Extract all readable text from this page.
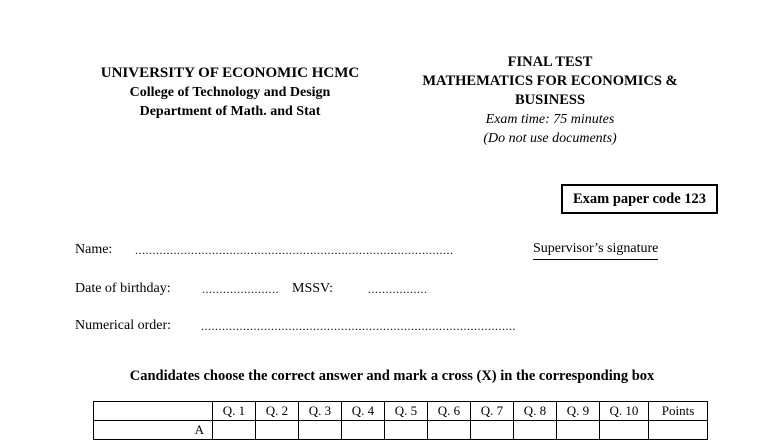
UNIVERSITY OF ECONOMIC HCMC
College of Technology and Design
Department of Math. and Stat
FINAL TEST
MATHEMATICS FOR ECONOMICS &
BUSINESS
Exam time: 75 minutes
(Do not use documents)
Exam paper code 123
Name: ...........................................................................................	Supervisor’s signature
Date of birthday:	...................... MSSV:	.................
Numerical order: ..........................................................................................
Candidates choose the correct answer and mark a cross (X) in the corresponding box
	Q. 1	Q. 2	Q. 3	Q. 4	Q. 5	Q. 6	Q. 7	Q. 8	Q. 9	Q. 10	Points
A											
